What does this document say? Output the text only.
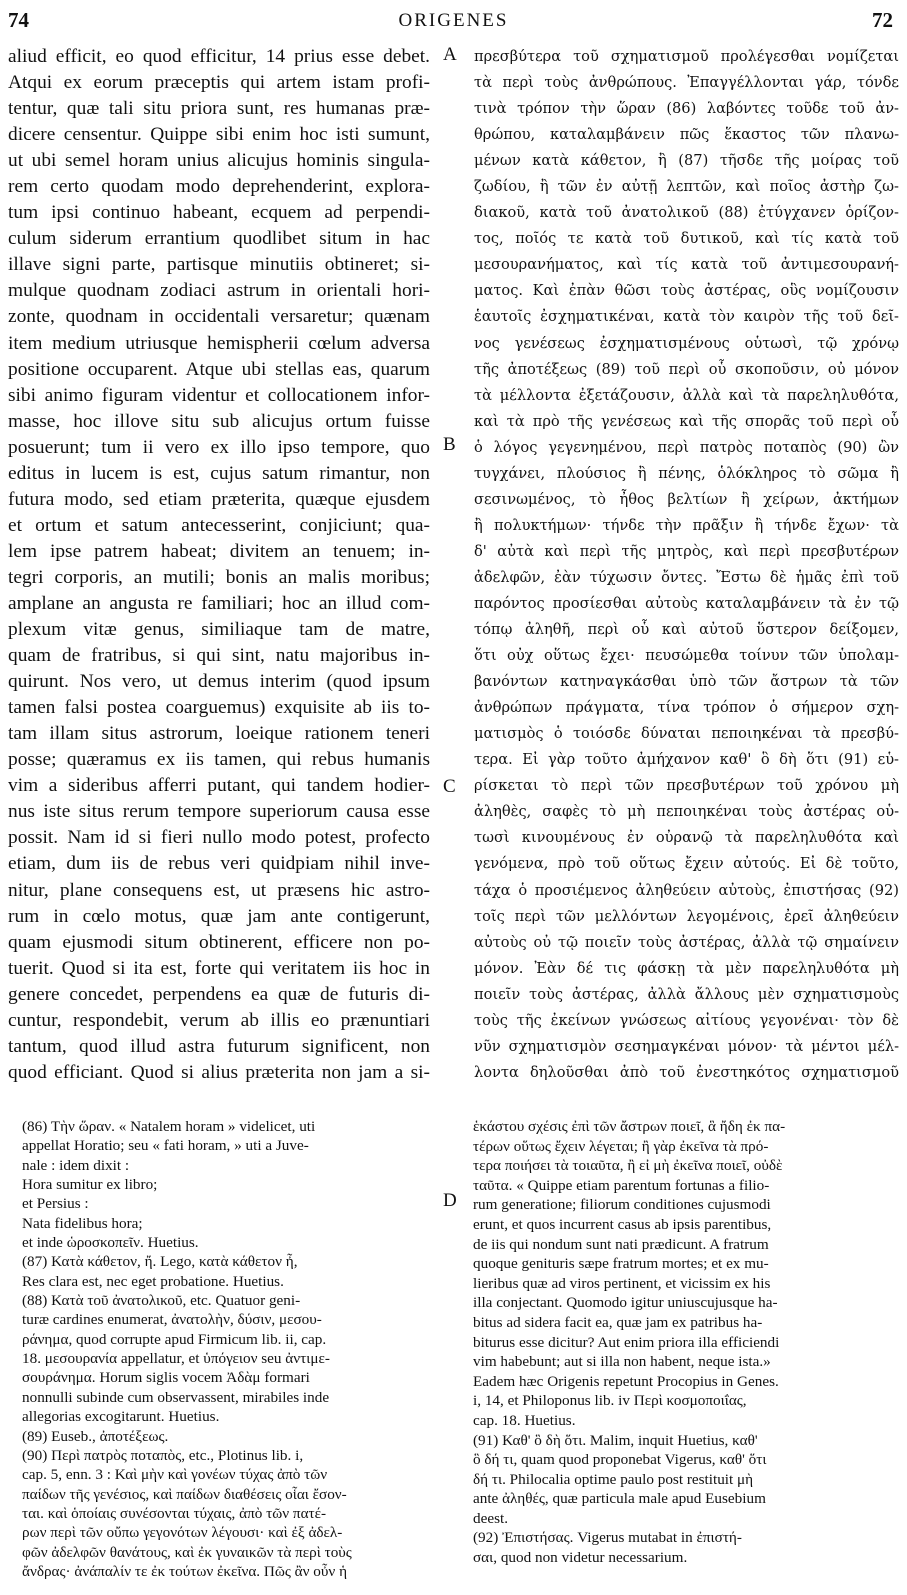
74	ORIGENES	72
aliud efficit, eo quod efficitur, 14 prius esse debet.
Atqui ex eorum præceptis qui artem istam profi-
tentur, quæ tali situ priora sunt, res humanas præ-
dicere censentur. Quippe sibi enim hoc isti sumunt,
ut ubi semel horam unius alicujus hominis singula-
rem certo quodam modo deprehenderint, explora-
tum ipsi continuo habeant, ecquem ad perpendi-
culum siderum errantium quodlibet situm in hac
illave signi parte, partisque minutiis obtineret; si-
mulque quodnam zodiaci astrum in orientali hori-
zonte, quodnam in occidentali versaretur; quænam
item medium utriusque hemispherii cœlum adversa
positione occuparent. Atque ubi stellas eas, quarum
sibi animo figuram videntur et collocationem infor-
masse, hoc illove situ sub alicujus ortum fuisse
posuerunt; tum ii vero ex illo ipso tempore, quo
editus in lucem is est, cujus satum rimantur, non
futura modo, sed etiam præterita, quæque ejusdem
et ortum et satum antecesserint, conjiciunt; qua-
lem ipse patrem habeat; divitem an tenuem; in-
tegri corporis, an mutili; bonis an malis moribus;
amplane an angusta re familiari; hoc an illud com-
plexum vitæ genus, similiaque tam de matre,
quam de fratribus, si qui sint, natu majoribus in-
quirunt. Nos vero, ut demus interim (quod ipsum
tamen falsi postea coarguemus) exquisite ab iis to-
tam illam situs astrorum, loeique rationem teneri
posse; quæramus ex iis tamen, qui rebus humanis
vim a sideribus afferri putant, qui tandem hodier-
nus iste situs rerum tempore superiorum causa esse
possit. Nam id si fieri nullo modo potest, profecto
etiam, dum iis de rebus veri quidpiam nihil inve-
nitur, plane consequens est, ut præsens hic astro-
rum in cœlo motus, quæ jam ante contigerunt,
quam ejusmodi situm obtinerent, efficere non po-
tuerit. Quod si ita est, forte qui veritatem iis hoc in
genere concedet, perpendens ea quæ de futuris di-
cuntur, respondebit, verum ab illis eo prænuntiari
tantum, quod illud astra futurum significent, non
quod efficiant. Quod si alius præterita non jam a si-
πρεσβύτερα τοῦ σχηματισμοῦ προλέγεσθαι νομίζεται
τὰ περὶ τοὺς ἀνθρώπους. Ἐπαγγέλλονται γάρ, τόνδε
τινὰ τρόπον τὴν ὥραν (86) λαβόντες τοῦδε τοῦ ἀν-
θρώπου, καταλαμβάνειν πῶς ἕκαστος τῶν πλανω-
μένων κατὰ κάθετον, ἢ (87) τῆσδε τῆς μοίρας τοῦ
ζωδίου, ἢ τῶν ἐν αὐτῇ λεπτῶν, καὶ ποῖος ἀστὴρ ζω-
διακοῦ, κατὰ τοῦ ἀνατολικοῦ (88) ἐτύγχανεν ὁρίζον-
τος, ποῖός τε κατὰ τοῦ δυτικοῦ, καὶ τίς κατὰ τοῦ
μεσουρανήματος, καὶ τίς κατὰ τοῦ ἀντιμεσουρανή-
ματος. Καὶ ἐπὰν θῶσι τοὺς ἀστέρας, οὓς νομίζουσιν
ἑαυτοῖς ἐσχηματικέναι, κατὰ τὸν καιρὸν τῆς τοῦ δεῖ-
νος γενέσεως ἐσχηματισμένους οὑτωσὶ, τῷ χρόνῳ
τῆς ἀποτέξεως (89) τοῦ περὶ οὗ σκοποῦσιν, οὐ μόνον
τὰ μέλλοντα ἐξετάζουσιν, ἀλλὰ καὶ τὰ παρεληλυθότα,
καὶ τὰ πρὸ τῆς γενέσεως καὶ τῆς σπορᾶς τοῦ περὶ οὗ
ὁ λόγος γεγενημένου, περὶ πατρὸς ποταπὸς (90) ὢν
τυγχάνει, πλούσιος ἢ πένης, ὁλόκληρος τὸ σῶμα ἢ
σεσινωμένος, τὸ ἦθος βελτίων ἢ χείρων, ἀκτήμων
ἢ πολυκτήμων· τήνδε τὴν πρᾶξιν ἢ τήνδε ἔχων· τὰ
δ' αὐτὰ καὶ περὶ τῆς μητρὸς, καὶ περὶ πρεσβυτέρων
ἀδελφῶν, ἐὰν τύχωσιν ὄντες. Ἔστω δὲ ἡμᾶς ἐπὶ τοῦ
παρόντος προσίεσθαι αὐτοὺς καταλαμβάνειν τὰ ἐν τῷ
τόπῳ ἀληθῆ, περὶ οὗ καὶ αὐτοῦ ὕστερον δείξομεν,
ὅτι οὐχ οὕτως ἔχει· πευσώμεθα τοίνυν τῶν ὑπολαμ-
βανόντων κατηναγκάσθαι ὑπὸ τῶν ἄστρων τὰ τῶν
ἀνθρώπων πράγματα, τίνα τρόπον ὁ σήμερον σχη-
ματισμὸς ὁ τοιόσδε δύναται πεποιηκέναι τὰ πρεσβύ-
τερα. Εἰ γὰρ τοῦτο ἀμήχανον καθ' ὃ δὴ ὅτι (91) εὑ-
ρίσκεται τὸ περὶ τῶν πρεσβυτέρων τοῦ χρόνου μὴ
ἀληθὲς, σαφὲς τὸ μὴ πεποιηκέναι τοὺς ἀστέρας οὑ-
τωσὶ κινουμένους ἐν οὐρανῷ τὰ παρεληλυθότα καὶ
γενόμενα, πρὸ τοῦ οὕτως ἔχειν αὐτούς. Εἰ δὲ τοῦτο,
τάχα ὁ προσιέμενος ἀληθεύειν αὐτοὺς, ἐπιστήσας (92)
τοῖς περὶ τῶν μελλόντων λεγομένοις, ἐρεῖ ἀληθεύειν
αὐτοὺς οὐ τῷ ποιεῖν τοὺς ἀστέρας, ἀλλὰ τῷ σημαίνειν
μόνον. Ἐὰν δέ τις φάσκῃ τὰ μὲν παρεληλυθότα μὴ
ποιεῖν τοὺς ἀστέρας, ἀλλὰ ἄλλους μὲν σχηματισμοὺς
τοὺς τῆς ἐκείνων γνώσεως αἰτίους γεγονέναι· τὸν δὲ
νῦν σχηματισμὸν σεσημαγκέναι μόνον· τὰ μέντοι μέλ-
λοντα δηλοῦσθαι ἀπὸ τοῦ ἐνεστηκότος σχηματισμοῦ
A
B
C
D
(86) Τὴν ὥραν. « Natalem horam » videlicet, uti
appellat Horatio; seu « fati horam, » uti a Juve-
nale : idem dixit :
Hora sumitur ex libro;
et Persius :
Nata fidelibus hora;
et inde ὡροσκοπεῖν. Huetius.
(87) Κατὰ κάθετον, ἤ. Lego, κατὰ κάθετον ἦ,
Res clara est, nec eget probatione. Huetius.
(88) Κατὰ τοῦ ἀνατολικοῦ, etc. Quatuor geni-
turæ cardines enumerat, ἀνατολὴν, δύσιν, μεσου-
ράνημα, quod corrupte apud Firmicum lib. ii, cap.
18. μεσουρανία appellatur, et ὑπόγειον seu ἀντιμε-
σουράνημα. Horum siglis vocem Ἀδὰμ formari
nonnulli subinde cum observassent, mirabiles inde
allegorias excogitarunt. Huetius.
(89) Euseb., ἀποτέξεως.
(90) Περὶ πατρὸς ποταπὸς, etc., Plotinus lib. i,
cap. 5, enn. 3 : Καὶ μὴν καὶ γονέων τύχας ἀπὸ τῶν
παίδων τῆς γενέσιος, καὶ παίδων διαθέσεις οἷαι ἔσον-
ται. καὶ ὁποίαις συνέσονται τύχαις, ἀπὸ τῶν πατέ-
ρων περὶ τῶν οὔπω γεγονότων λέγουσι· καὶ ἐξ ἀδελ-
φῶν ἀδελφῶν θανάτους, καὶ ἐκ γυναικῶν τὰ περὶ τοὺς
ἄνδρας· ἀνάπαλίν τε ἐκ τούτων ἐκεῖνα. Πῶς ἂν οὖν ἡ
ἑκάστου σχέσις ἐπὶ τῶν ἄστρων ποιεῖ, ἃ ἤδη ἐκ πα-
τέρων οὕτως ἔχειν λέγεται; ἢ γὰρ ἐκεῖνα τὰ πρό-
τερα ποιήσει τὰ τοιαῦτα, ἢ εἰ μὴ ἐκεῖνα ποιεῖ, οὐδὲ
ταῦτα. « Quippe etiam parentum fortunas a filio-
rum generatione; filiorum conditiones cujusmodi
erunt, et quos incurrent casus ab ipsis parentibus,
de iis qui nondum sunt nati prædicunt. A fratrum
quoque genituris sæpe fratrum mortes; et ex mu-
lieribus quæ ad viros pertinent, et vicissim ex his
illa conjectant. Quomodo igitur uniuscujusque ha-
bitus ad sidera facit ea, quæ jam ex patribus ha-
biturus esse dicitur? Aut enim priora illa efficiendi
vim habebunt; aut si illa non habent, neque ista.»
Eadem hæc Origenis repetunt Procopius in Genes.
i, 14, et Philoponus lib. iv Περὶ κοσμοποιΐας,
cap. 18. Huetius.
(91) Καθ' ὃ δὴ ὅτι. Malim, inquit Huetius, καθ'
ὃ δή τι, quam quod proponebat Vigerus, καθ' ὅτι
δή τι. Philocalia optime paulo post restituit μὴ
ante ἀληθές, quæ particula male apud Eusebium
deest.
(92) Ἐπιστήσας. Vigerus mutabat in ἐπιστή-
σαι, quod non videtur necessarium.
